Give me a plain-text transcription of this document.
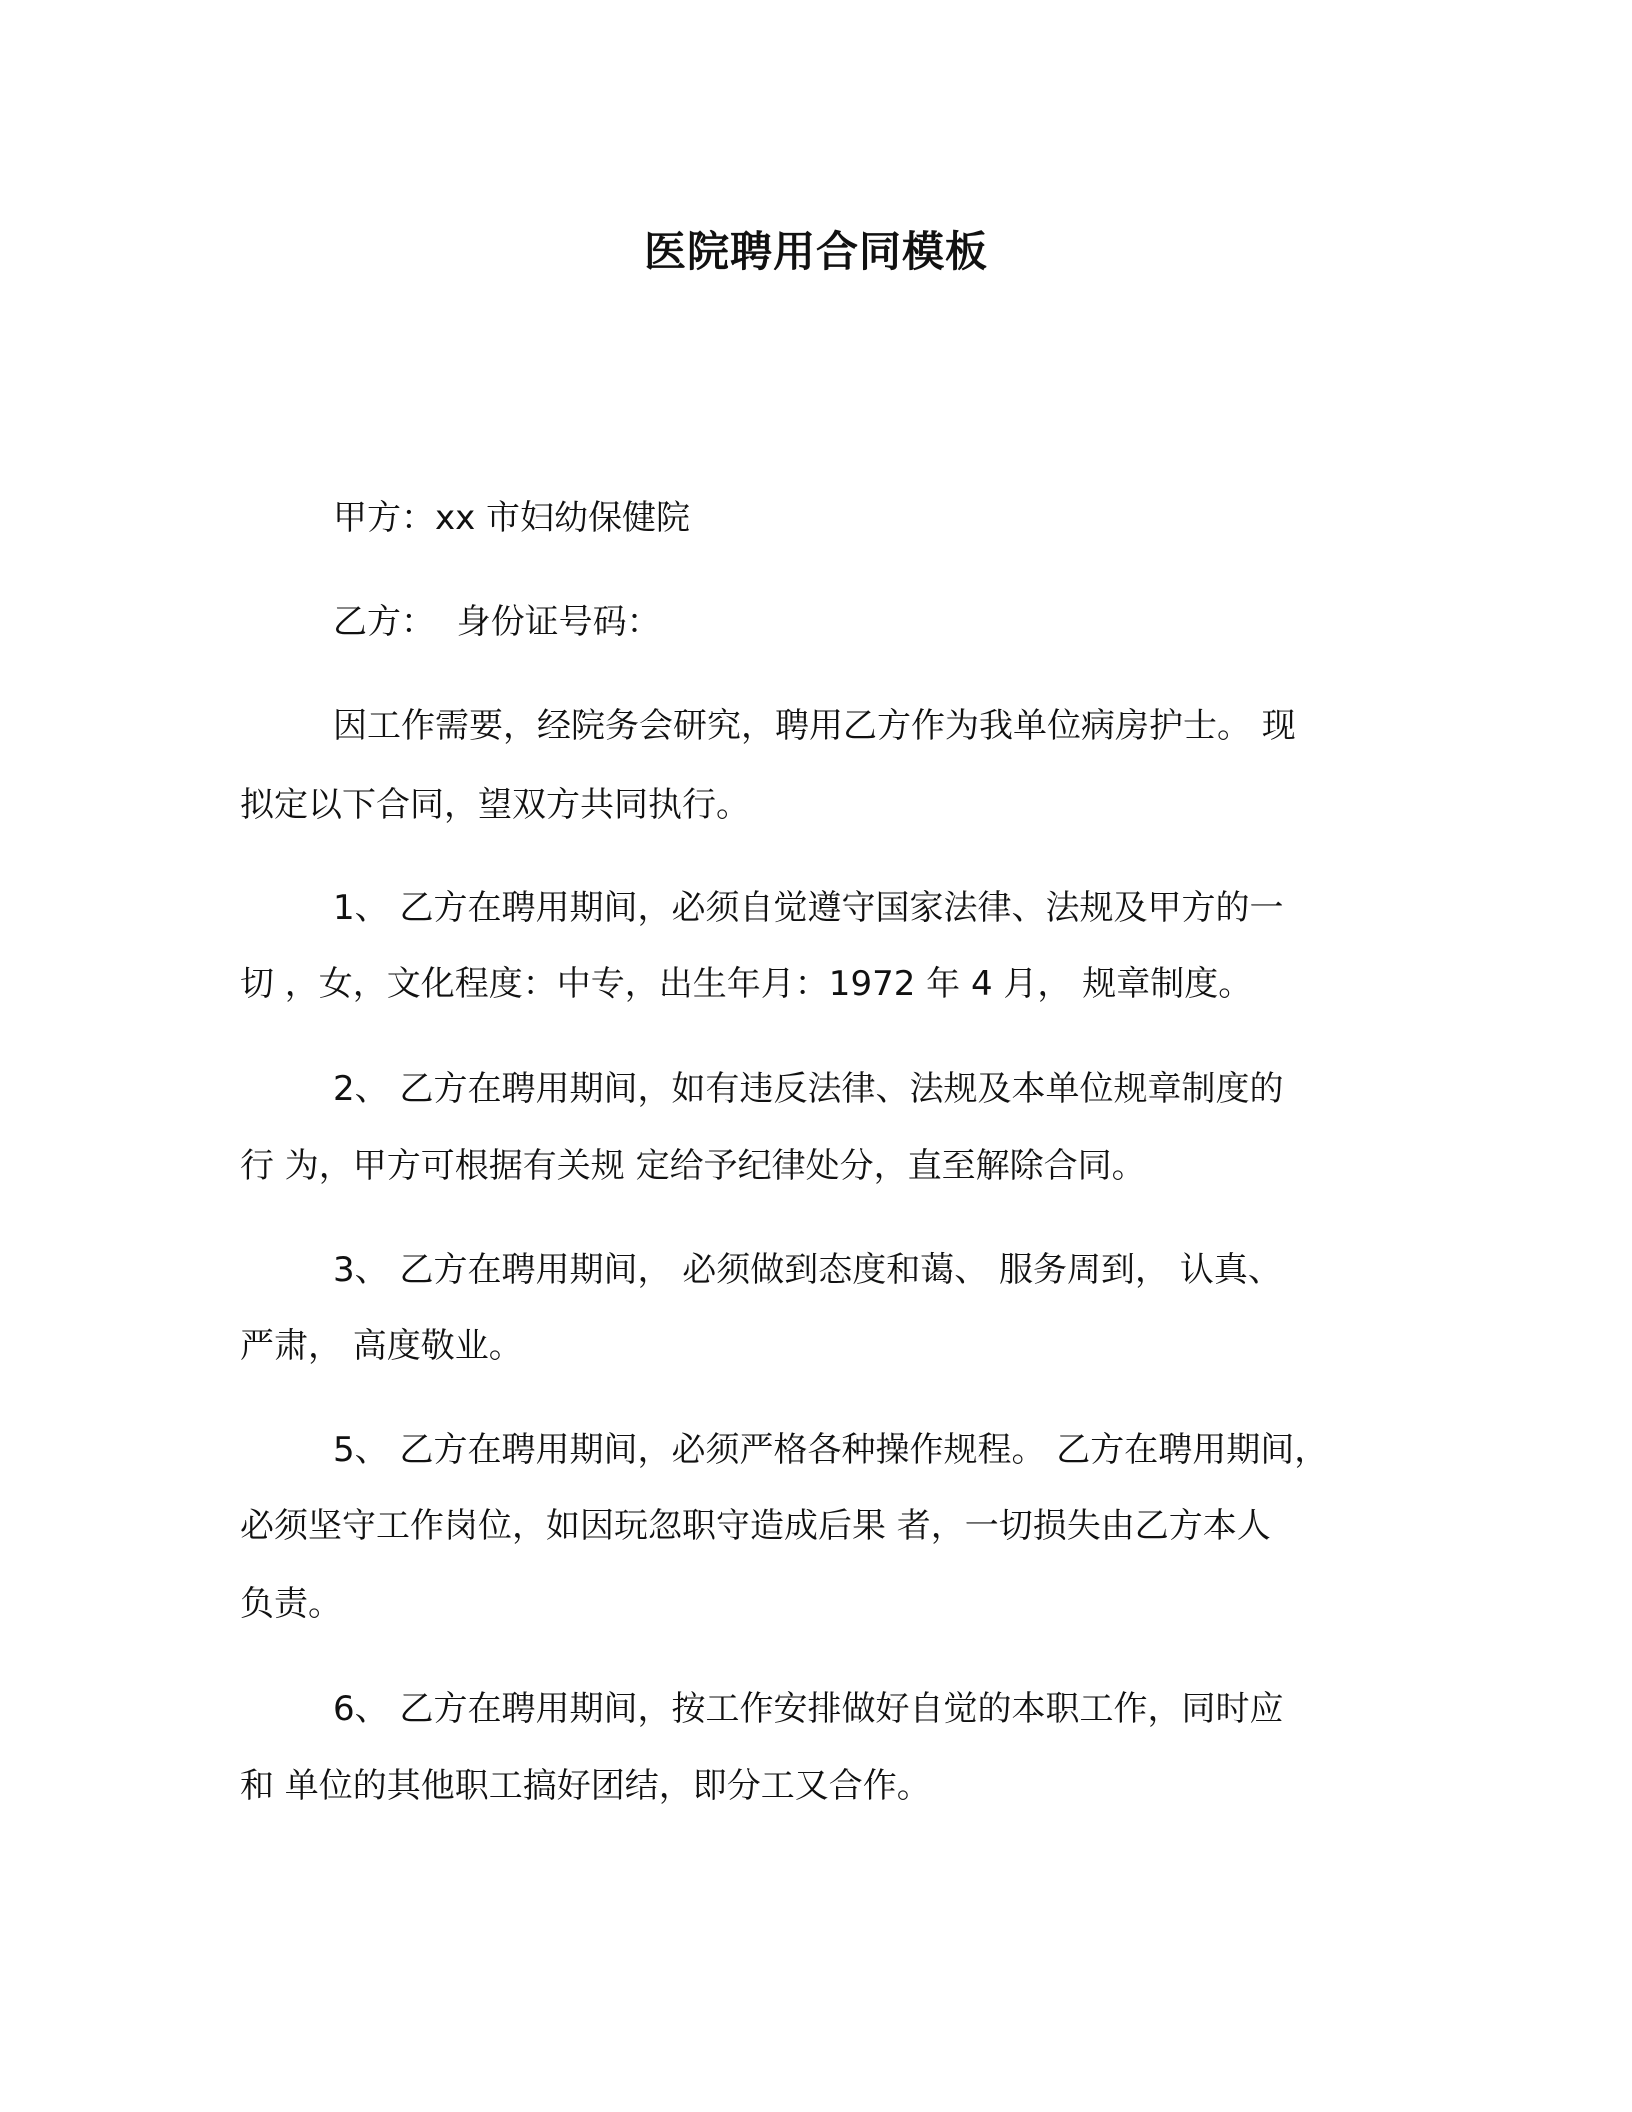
医院聘用合同模板
甲方：xx 市妇幼保健院
乙方：  身份证号码：
因工作需要，经院务会研究，聘用乙方作为我单位病房护士。 现
拟定以下合同，望双方共同执行。
1、 乙方在聘用期间，必须自觉遵守国家法律、法规及甲方的一
切 ，女，文化程度：中专，出生年月：1972 年 4 月， 规章制度。
2、 乙方在聘用期间，如有违反法律、法规及本单位规章制度的
行 为，甲方可根据有关规 定给予纪律处分，直至解除合同。
3、 乙方在聘用期间， 必须做到态度和蔼、 服务周到， 认真、
严肃， 高度敬业。
5、 乙方在聘用期间，必须严格各种操作规程。 乙方在聘用期间，
必须坚守工作岗位，如因玩忽职守造成后果 者，一切损失由乙方本人
负责。
6、 乙方在聘用期间，按工作安排做好自觉的本职工作，同时应
和 单位的其他职工搞好团结，即分工又合作。
